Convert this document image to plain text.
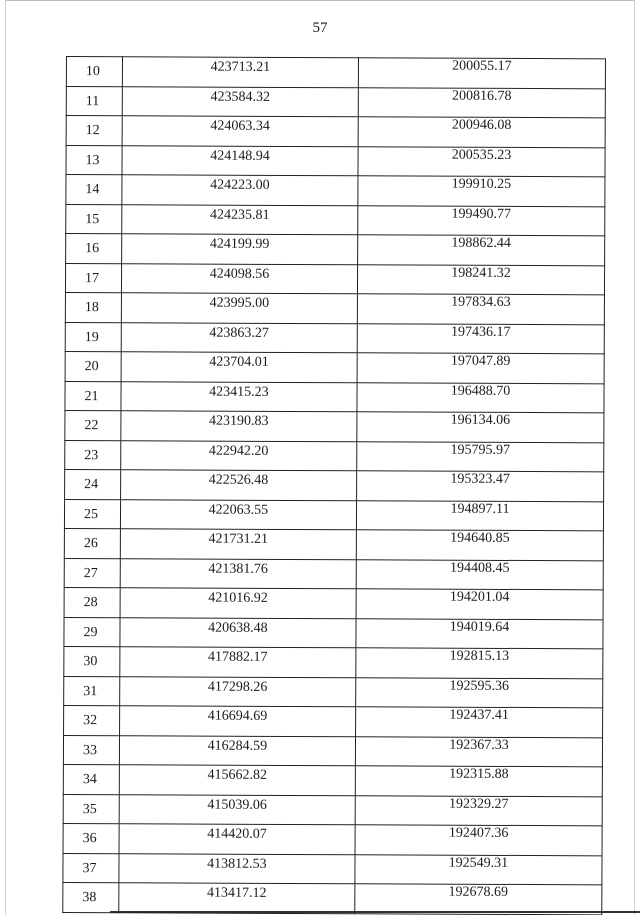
57
10	423713.21	200055.17
11	423584.32	200816.78
12	424063.34	200946.08
13	424148.94	200535.23
14	424223.00	199910.25
15	424235.81	199490.77
16	424199.99	198862.44
17	424098.56	198241.32
18	423995.00	197834.63
19	423863.27	197436.17
20	423704.01	197047.89
21	423415.23	196488.70
22	423190.83	196134.06
23	422942.20	195795.97
24	422526.48	195323.47
25	422063.55	194897.11
26	421731.21	194640.85
27	421381.76	194408.45
28	421016.92	194201.04
29	420638.48	194019.64
30	417882.17	192815.13
31	417298.26	192595.36
32	416694.69	192437.41
33	416284.59	192367.33
34	415662.82	192315.88
35	415039.06	192329.27
36	414420.07	192407.36
37	413812.53	192549.31
38	413417.12	192678.69
